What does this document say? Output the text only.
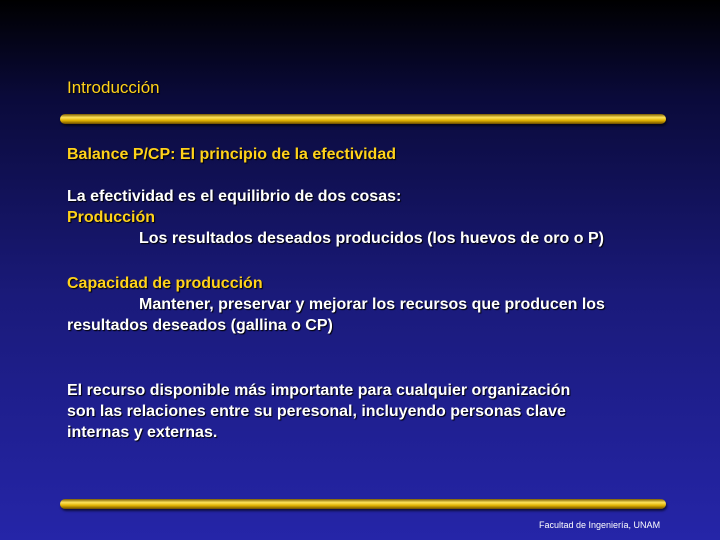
Introducción
Balance P/CP: El principio de la efectividad
La efectividad es el equilibrio de dos cosas:
Producción
Los resultados deseados producidos (los huevos de oro o P)
Capacidad de producción
Mantener, preservar y mejorar los recursos que producen los
resultados deseados (gallina o CP)
El recurso disponible más importante para cualquier organización
son las relaciones entre su peresonal, incluyendo personas clave
internas y externas.
Facultad de Ingeniería, UNAM
